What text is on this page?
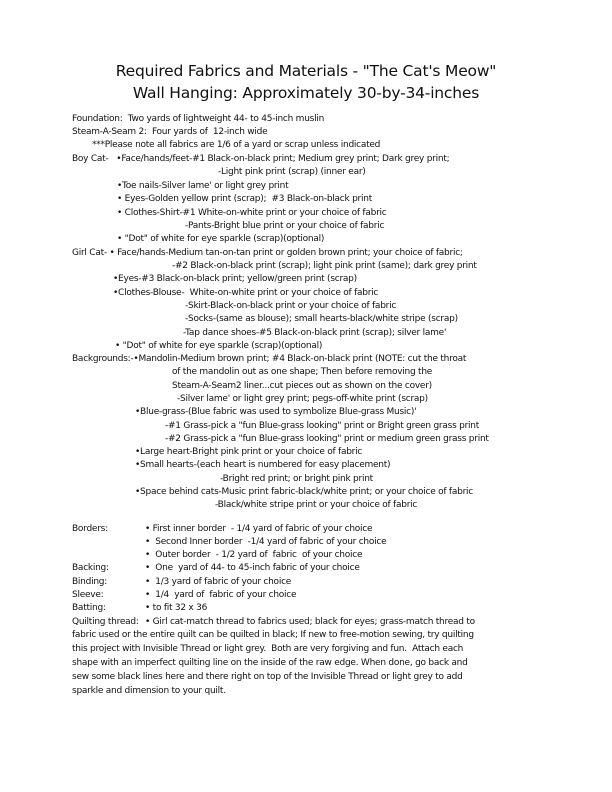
Required Fabrics and Materials - "The Cat's Meow"
Wall Hanging: Approximately 30-by-34-inches
Foundation:  Two yards of lightweight 44- to 45-inch muslin
Steam-A-Seam 2:  Four yards of  12-inch wide
***Please note all fabrics are 1/6 of a yard or scrap unless indicated
Boy Cat-   •Face/hands/feet-#1 Black-on-black print; Medium grey print; Dark grey print;
-Light pink print (scrap) (inner ear)
•Toe nails-Silver lame' or light grey print
• Eyes-Golden yellow print (scrap);  #3 Black-on-black print
• Clothes-Shirt-#1 White-on-white print or your choice of fabric
-Pants-Bright blue print or your choice of fabric
• "Dot" of white for eye sparkle (scrap)(optional)
Girl Cat- • Face/hands-Medium tan-on-tan print or golden brown print; your choice of fabric;
-#2 Black-on-black print (scrap); light pink print (same); dark grey print
•Eyes-#3 Black-on-black print; yellow/green print (scrap)
•Clothes-Blouse-  White-on-white print or your choice of fabric
-Skirt-Black-on-black print or your choice of fabric
-Socks-(same as blouse); small hearts-black/white stripe (scrap)
-Tap dance shoes-#5 Black-on-black print (scrap); silver lame'
• "Dot" of white for eye sparkle (scrap)(optional)
Backgrounds:-•Mandolin-Medium brown print; #4 Black-on-black print (NOTE: cut the throat
of the mandolin out as one shape; Then before removing the
Steam-A-Seam2 liner...cut pieces out as shown on the cover)
-Silver lame' or light grey print; pegs-off-white print (scrap)
•Blue-grass-(Blue fabric was used to symbolize Blue-grass Music)'
-#1 Grass-pick a "fun Blue-grass looking" print or Bright green grass print
-#2 Grass-pick a "fun Blue-grass looking" print or medium green grass print
•Large heart-Bright pink print or your choice of fabric
•Small hearts-(each heart is numbered for easy placement)
-Bright red print; or bright pink print
•Space behind cats-Music print fabric-black/white print; or your choice of fabric
-Black/white stripe print or your choice of fabric
Borders:	• First inner border  - 1/4 yard of fabric of your choice
•  Second Inner border  -1/4 yard of fabric of your choice
•  Outer border  - 1/2 yard of  fabric  of your choice
Backing:	•  One  yard of 44- to 45-inch fabric of your choice
Binding:	•  1/3 yard of fabric of your choice
Sleeve:	•  1/4  yard of  fabric of your choice
Batting:	• to fit 32 x 36
Quilting thread: • Girl cat-match thread to fabrics used; black for eyes; grass-match thread to
fabric used or the entire quilt can be quilted in black; If new to free-motion sewing, try quilting
this project with Invisible Thread or light grey.  Both are very forgiving and fun.  Attach each
shape with an imperfect quilting line on the inside of the raw edge. When done, go back and
sew some black lines here and there right on top of the Invisible Thread or light grey to add
sparkle and dimension to your quilt.
